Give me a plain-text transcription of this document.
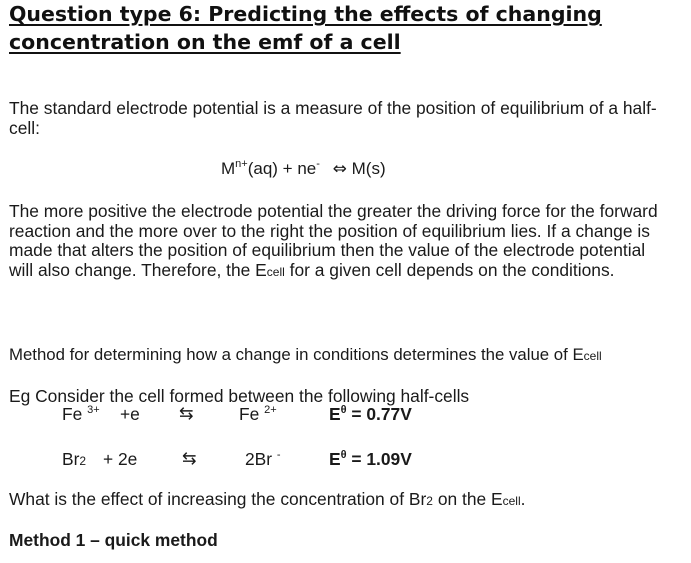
Question type 6: Predicting the effects of changing
concentration on the emf of a cell
The standard electrode potential is a measure of the position of equilibrium of a half-
cell:
$M^{n+}(aq) + ne^-$ ⇔ M(s)
The more positive the electrode potential the greater the driving force for the forward
reaction and the more over to the right the position of equilibrium lies. If a change is
made that alters the position of equilibrium then the value of the electrode potential
will also change. Therefore, the Ecell for a given cell depends on the conditions.
Method for determining how a change in conditions determines the value of Ecell
Eg Consider the cell formed between the following half-cells
Fe $^{3+}$ +e ⇆	Fe $^{2+}$	$E^\theta = 0.77V$
Br2 + 2e	⇆	2Br -	$E^\theta = 1.09V$
What is the effect of increasing the concentration of Br2 on the Ecell.
Method 1 – quick method
